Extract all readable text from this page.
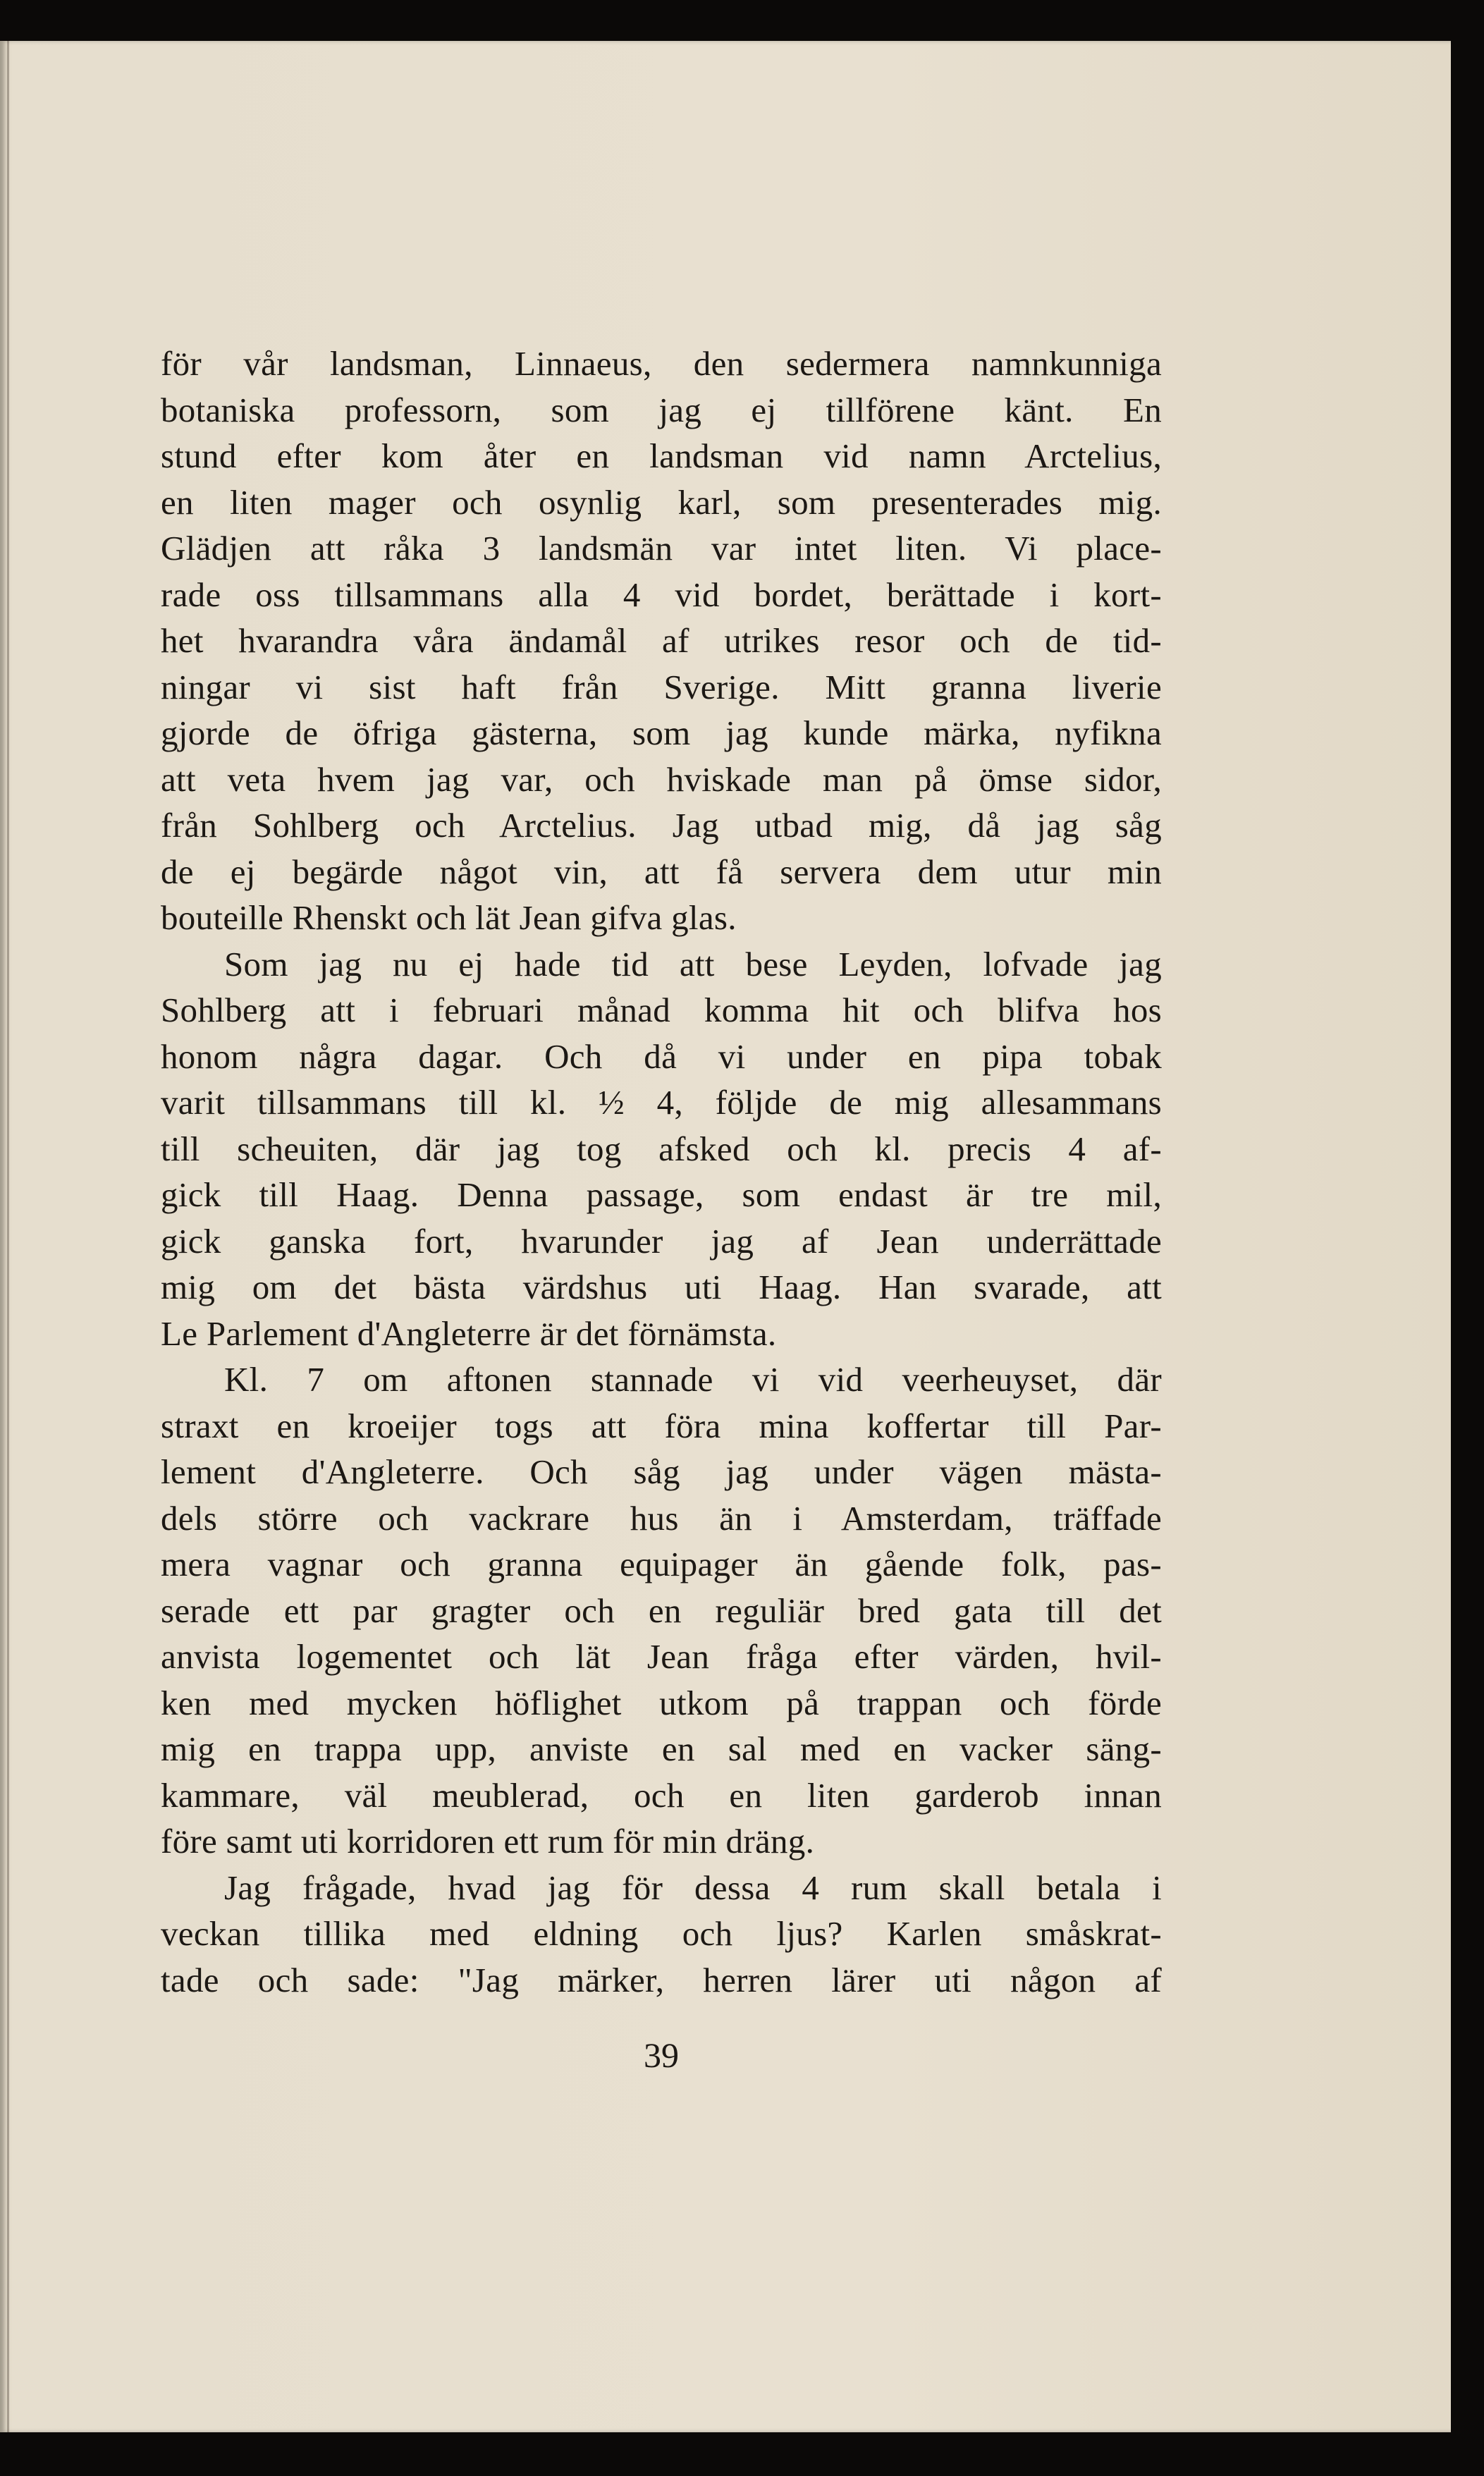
för vår landsman, Linnaeus, den sedermera namnkunniga
botaniska professorn, som jag ej tillförene känt. En
stund efter kom åter en landsman vid namn Arctelius,
en liten mager och osynlig karl, som presenterades mig.
Glädjen att råka 3 landsmän var intet liten. Vi place-
rade oss tillsammans alla 4 vid bordet, berättade i kort-
het hvarandra våra ändamål af utrikes resor och de tid-
ningar vi sist haft från Sverige. Mitt granna liverie
gjorde de öfriga gästerna, som jag kunde märka, nyfikna
att veta hvem jag var, och hviskade man på ömse sidor,
från Sohlberg och Arctelius. Jag utbad mig, då jag såg
de ej begärde något vin, att få servera dem utur min
bouteille Rhenskt och lät Jean gifva glas.
Som jag nu ej hade tid att bese Leyden, lofvade jag
Sohlberg att i februari månad komma hit och blifva hos
honom några dagar. Och då vi under en pipa tobak
varit tillsammans till kl. ½ 4, följde de mig allesammans
till scheuiten, där jag tog afsked och kl. precis 4 af-
gick till Haag. Denna passage, som endast är tre mil,
gick ganska fort, hvarunder jag af Jean underrättade
mig om det bästa värdshus uti Haag. Han svarade, att
Le Parlement d'Angleterre är det förnämsta.
Kl. 7 om aftonen stannade vi vid veerheuyset, där
straxt en kroeijer togs att föra mina koffertar till Par-
lement d'Angleterre. Och såg jag under vägen mästa-
dels större och vackrare hus än i Amsterdam, träffade
mera vagnar och granna equipager än gående folk, pas-
serade ett par gragter och en reguliär bred gata till det
anvista logementet och lät Jean fråga efter värden, hvil-
ken med mycken höflighet utkom på trappan och förde
mig en trappa upp, anviste en sal med en vacker säng-
kammare, väl meublerad, och en liten garderob innan
före samt uti korridoren ett rum för min dräng.
Jag frågade, hvad jag för dessa 4 rum skall betala i
veckan tillika med eldning och ljus? Karlen småskrat-
tade och sade: "Jag märker, herren lärer uti någon af
39
